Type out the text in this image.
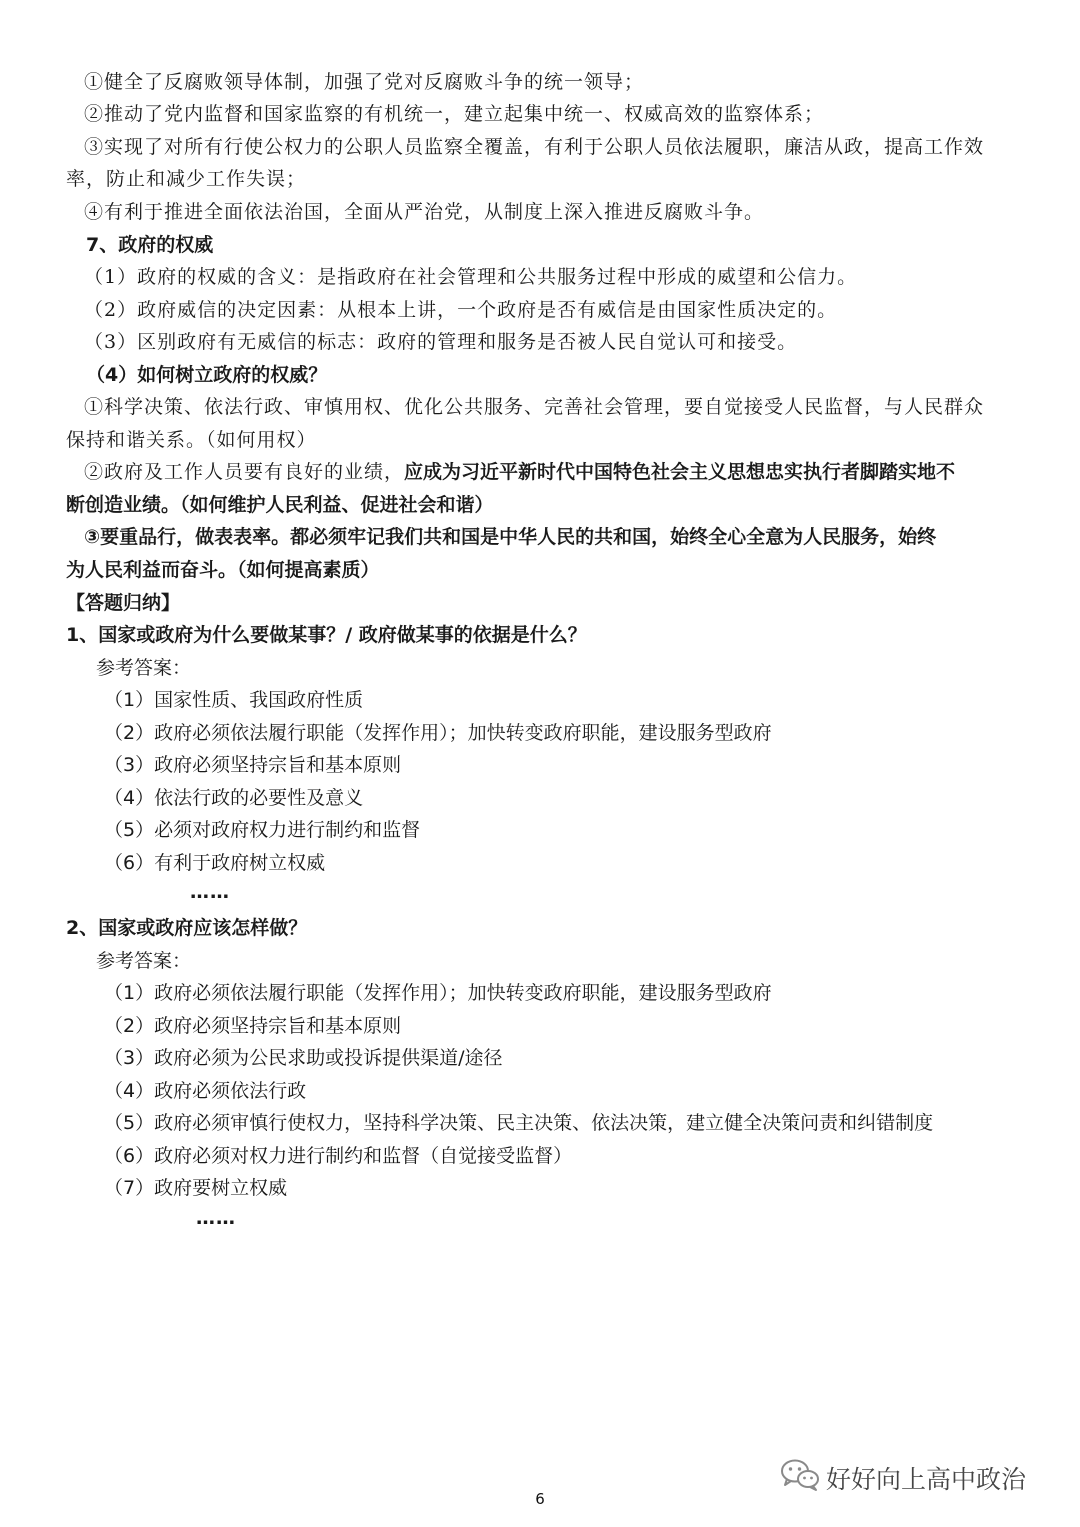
①健全了反腐败领导体制，加强了党对反腐败斗争的统一领导；
②推动了党内监督和国家监察的有机统一，建立起集中统一、权威高效的监察体系；
③实现了对所有行使公权力的公职人员监察全覆盖，有利于公职人员依法履职，廉洁从政，提高工作效
率，防止和减少工作失误；
④有利于推进全面依法治国，全面从严治党，从制度上深入推进反腐败斗争。
7、政府的权威
（1）政府的权威的含义：是指政府在社会管理和公共服务过程中形成的威望和公信力。
（2）政府威信的决定因素：从根本上讲，一个政府是否有威信是由国家性质决定的。
（3）区别政府有无威信的标志：政府的管理和服务是否被人民自觉认可和接受。
（4）如何树立政府的权威？
①科学决策、依法行政、审慎用权、优化公共服务、完善社会管理，要自觉接受人民监督，与人民群众
保持和谐关系。（如何用权）
②政府及工作人员要有良好的业绩，应成为习近平新时代中国特色社会主义思想忠实执行者脚踏实地不
断创造业绩。（如何维护人民利益、促进社会和谐）
③要重品行，做表表率。都必须牢记我们共和国是中华人民的共和国，始终全心全意为人民服务，始终
为人民利益而奋斗。（如何提高素质）
【答题归纳】
1、国家或政府为什么要做某事？/ 政府做某事的依据是什么？
参考答案：
（1）国家性质、我国政府性质
（2）政府必须依法履行职能（发挥作用）；加快转变政府职能，建设服务型政府
（3）政府必须坚持宗旨和基本原则
（4）依法行政的必要性及意义
（5）必须对政府权力进行制约和监督
（6）有利于政府树立权威
……
2、国家或政府应该怎样做？
参考答案：
（1）政府必须依法履行职能（发挥作用）；加快转变政府职能，建设服务型政府
（2）政府必须坚持宗旨和基本原则
（3）政府必须为公民求助或投诉提供渠道/途径
（4）政府必须依法行政
（5）政府必须审慎行使权力，坚持科学决策、民主决策、依法决策，建立健全决策问责和纠错制度
（6）政府必须对权力进行制约和监督（自觉接受监督）
（7）政府要树立权威
……
好好向上高中政治
6
